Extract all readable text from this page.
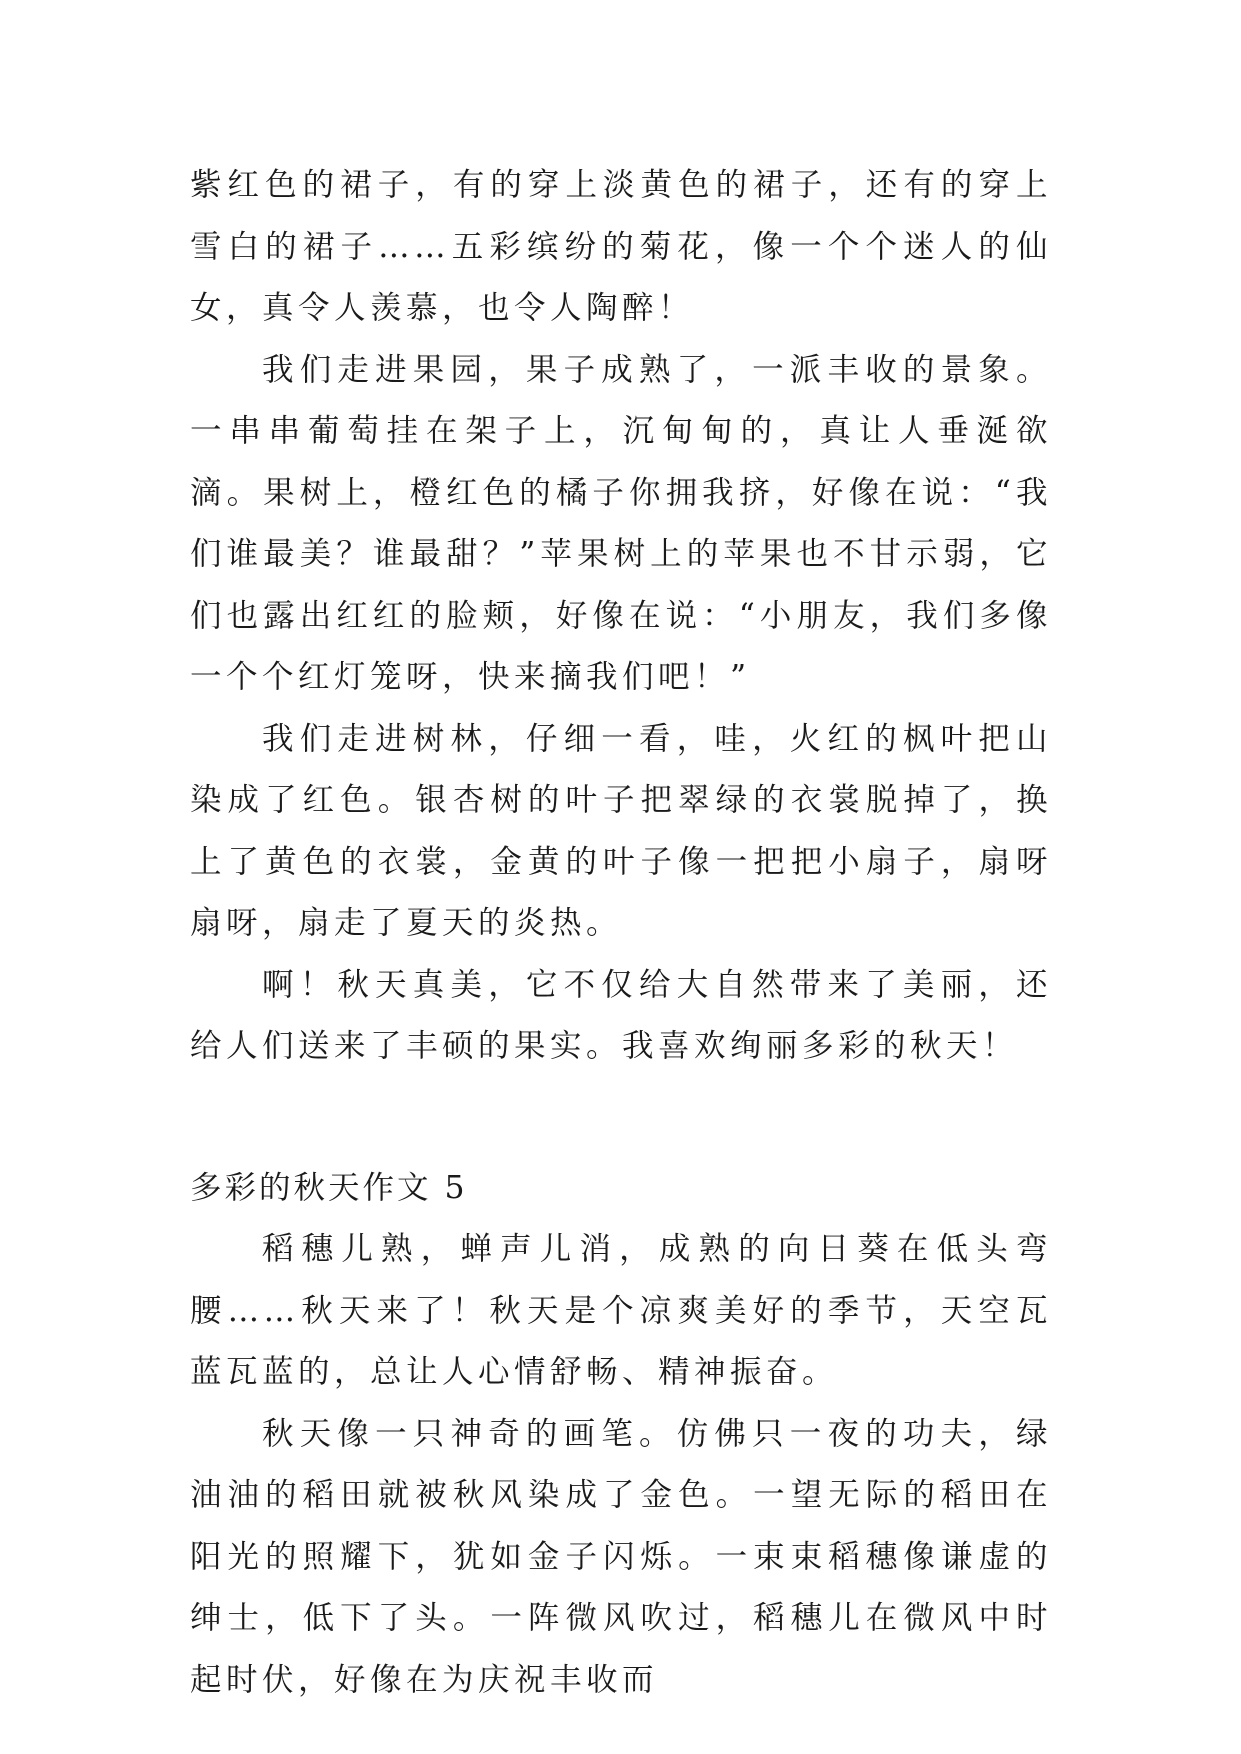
紫红色的裙子，有的穿上淡黄色的裙子，还有的穿上雪白的裙子……五彩缤纷的菊花，像一个个迷人的仙女，真令人羡慕，也令人陶醉！

我们走进果园，果子成熟了，一派丰收的景象。一串串葡萄挂在架子上，沉甸甸的，真让人垂涎欲滴。果树上，橙红色的橘子你拥我挤，好像在说：“我们谁最美？谁最甜？”苹果树上的苹果也不甘示弱，它们也露出红红的脸颊，好像在说：“小朋友，我们多像一个个红灯笼呀，快来摘我们吧！”

我们走进树林，仔细一看，哇，火红的枫叶把山染成了红色。银杏树的叶子把翠绿的衣裳脱掉了，换上了黄色的衣裳，金黄的叶子像一把把小扇子，扇呀扇呀，扇走了夏天的炎热。

啊！秋天真美，它不仅给大自然带来了美丽，还给人们送来了丰硕的果实。我喜欢绚丽多彩的秋天！

多彩的秋天作文 5

稻穗儿熟，蝉声儿消，成熟的向日葵在低头弯腰……秋天来了！秋天是个凉爽美好的季节，天空瓦蓝瓦蓝的，总让人心情舒畅、精神振奋。

秋天像一只神奇的画笔。仿佛只一夜的功夫，绿油油的稻田就被秋风染成了金色。一望无际的稻田在阳光的照耀下，犹如金子闪烁。一束束稻穗像谦虚的绅士，低下了头。一阵微风吹过，稻穗儿在微风中时起时伏，好像在为庆祝丰收而
